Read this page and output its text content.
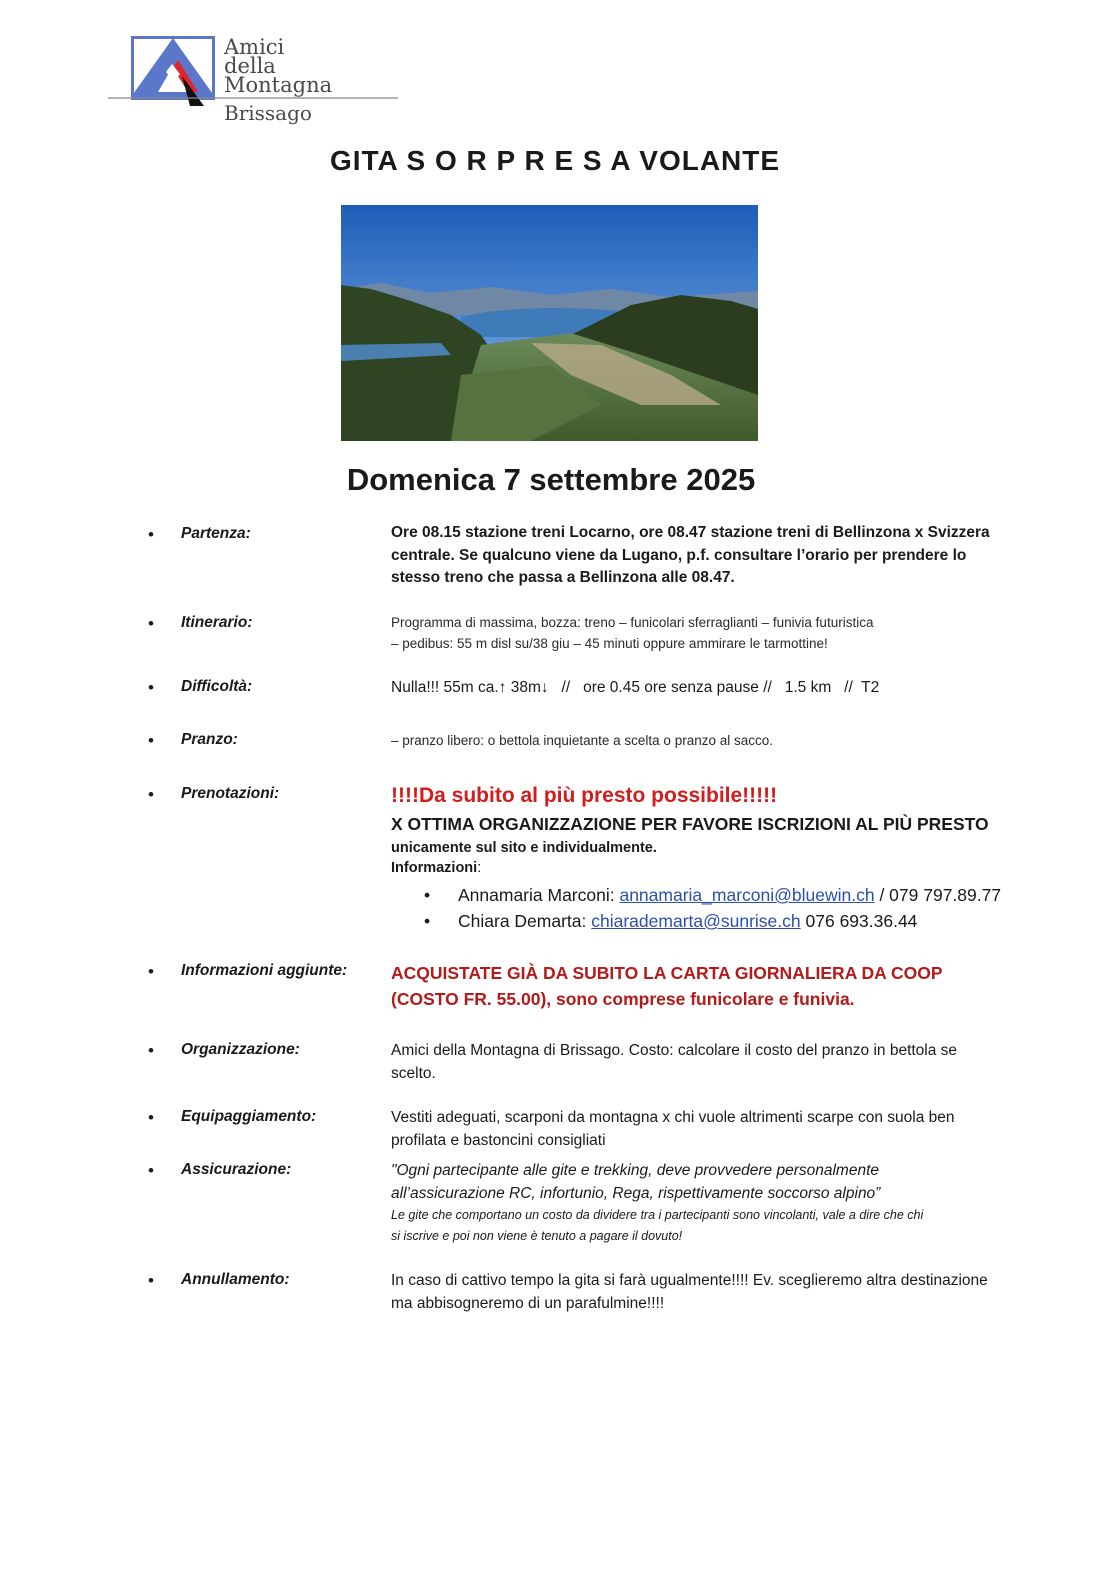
Amici
della
Montagna
Brissago
GITA S O R P R E S A VOLANTE
Domenica 7 settembre 2025
• Partenza:	Ore 08.15 stazione treni Locarno, ore 08.47 stazione treni di Bellinzona x Svizzera
centrale. Se qualcuno viene da Lugano, p.f. consultare l’orario per prendere lo
stesso treno che passa a Bellinzona alle 08.47.
• Itinerario:	Programma di massima, bozza: treno – funicolari sferraglianti – funivia futuristica
– pedibus: 55 m disl su/38 giu – 45 minuti oppure ammirare le tarmottine!
• Difficoltà:	Nulla!!! 55m ca.↑ 38m↓   //   ore 0.45 ore senza pause //   1.5 km   //  T2
• Pranzo:	– pranzo libero: o bettola inquietante a scelta o pranzo al sacco.
• Prenotazioni:	!!!!Da subito al più presto possibile!!!!!
X OTTIMA ORGANIZZAZIONE PER FAVORE ISCRIZIONI AL PIÙ PRESTO
unicamente sul sito e individualmente.
Informazioni:
• Annamaria Marconi: annamaria_marconi@bluewin.ch / 079 797.89.77
• Chiara Demarta: chiarademarta@sunrise.ch 076 693.36.44
• Informazioni aggiunte:	ACQUISTATE GIÀ DA SUBITO LA CARTA GIORNALIERA DA COOP
(COSTO FR. 55.00), sono comprese funicolare e funivia.
• Organizzazione:	Amici della Montagna di Brissago. Costo: calcolare il costo del pranzo in bettola se
scelto.
• Equipaggiamento:	Vestiti adeguati, scarponi da montagna x chi vuole altrimenti scarpe con suola ben
profilata e bastoncini consigliati
• Assicurazione:	"Ogni partecipante alle gite e trekking, deve provvedere personalmente
all’assicurazione RC, infortunio, Rega, rispettivamente soccorso alpino”
Le gite che comportano un costo da dividere tra i partecipanti sono vincolanti, vale a dire che chi
si iscrive e poi non viene è tenuto a pagare il dovuto!
• Annullamento:	In caso di cattivo tempo la gita si farà ugualmente!!!! Ev. sceglieremo altra destinazione
ma abbisogneremo di un parafulmine!!!!
